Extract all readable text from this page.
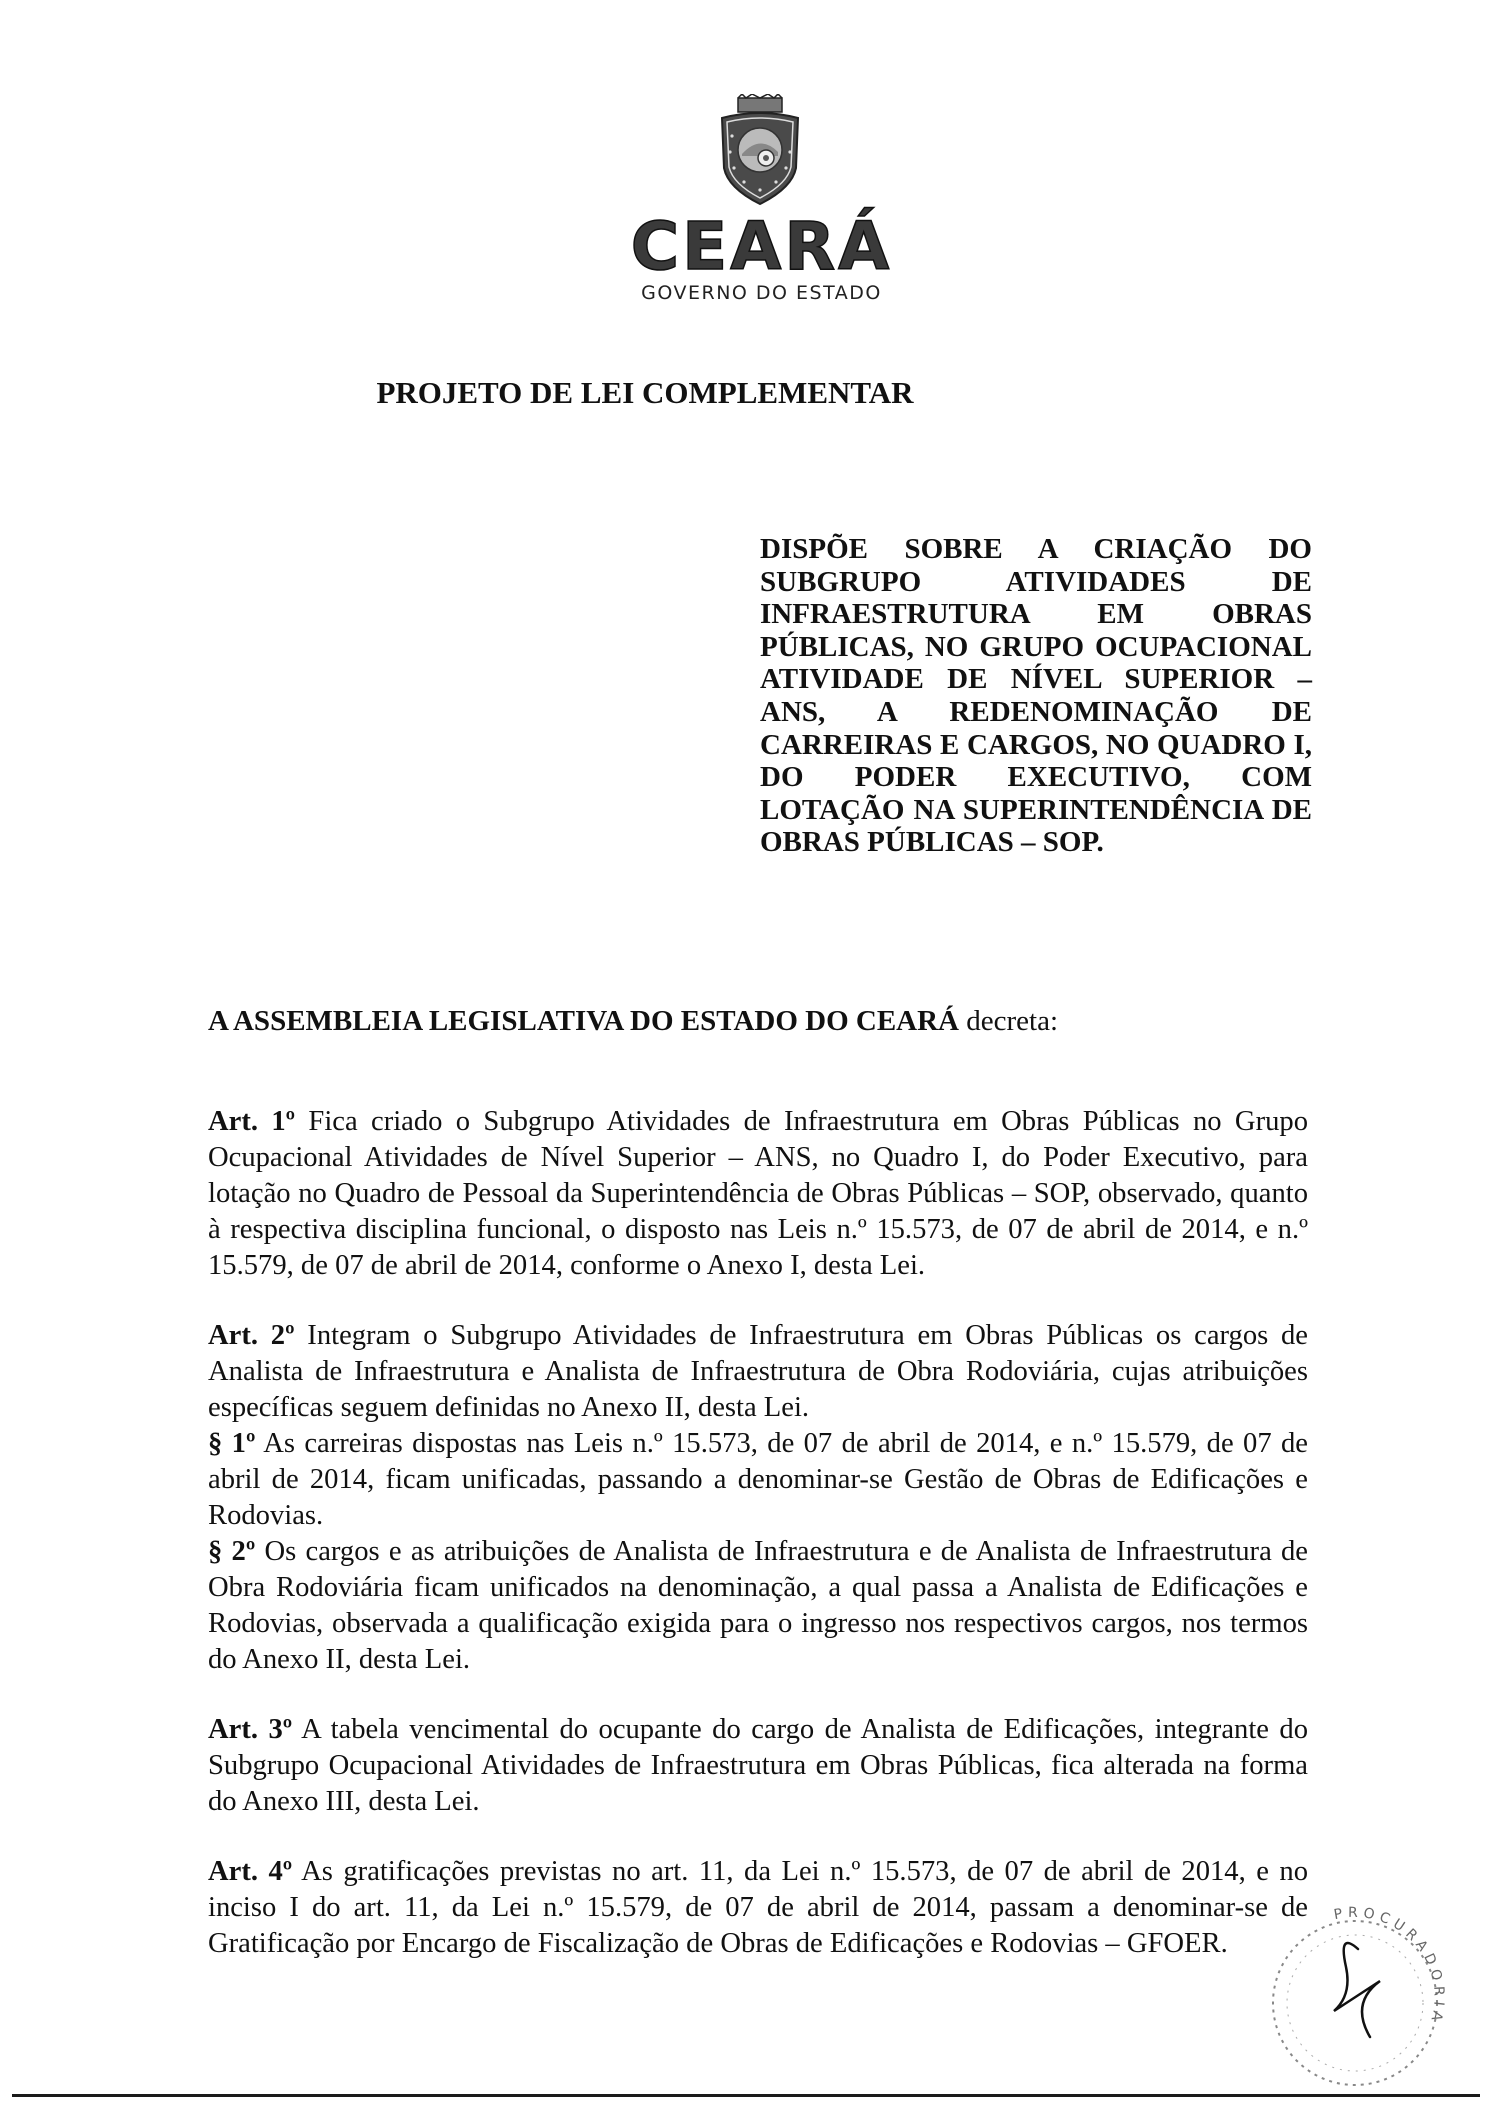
CEARÁ
GOVERNO DO ESTADO
PROJETO DE LEI COMPLEMENTAR
DISPÕE SOBRE A CRIAÇÃO DO SUBGRUPO ATIVIDADES DE INFRAESTRUTURA EM OBRAS PÚBLICAS, NO GRUPO OCUPACIONAL ATIVIDADE DE NÍVEL SUPERIOR – ANS, A REDENOMINAÇÃO DE CARREIRAS E CARGOS, NO QUADRO I, DO PODER EXECUTIVO, COM LOTAÇÃO NA SUPERINTENDÊNCIA DE OBRAS PÚBLICAS – SOP.
A ASSEMBLEIA LEGISLATIVA DO ESTADO DO CEARÁ decreta:

Art. 1º Fica criado o Subgrupo Atividades de Infraestrutura em Obras Públicas no Grupo Ocupacional Atividades de Nível Superior – ANS, no Quadro I, do Poder Executivo, para lotação no Quadro de Pessoal da Superintendência de Obras Públicas – SOP, observado, quanto à respectiva disciplina funcional, o disposto nas Leis n.º 15.573, de 07 de abril de 2014, e n.º 15.579, de 07 de abril de 2014, conforme o Anexo I, desta Lei.

Art. 2º Integram o Subgrupo Atividades de Infraestrutura em Obras Públicas os cargos de Analista de Infraestrutura e Analista de Infraestrutura de Obra Rodoviária, cujas atribuições específicas seguem definidas no Anexo II, desta Lei.

§ 1º As carreiras dispostas nas Leis n.º 15.573, de 07 de abril de 2014, e n.º 15.579, de 07 de abril de 2014, ficam unificadas, passando a denominar-se Gestão de Obras de Edificações e Rodovias.

§ 2º Os cargos e as atribuições de Analista de Infraestrutura e de Analista de Infraestrutura de Obra Rodoviária ficam unificados na denominação, a qual passa a Analista de Edificações e Rodovias, observada a qualificação exigida para o ingresso nos respectivos cargos, nos termos do Anexo II, desta Lei.

Art. 3º A tabela vencimental do ocupante do cargo de Analista de Edificações, integrante do Subgrupo Ocupacional Atividades de Infraestrutura em Obras Públicas, fica alterada na forma do Anexo III, desta Lei.

Art. 4º As gratificações previstas no art. 11, da Lei n.º 15.573, de 07 de abril de 2014, e no inciso I do art. 11, da Lei n.º 15.579, de 07 de abril de 2014, passam a denominar-se de Gratificação por Encargo de Fiscalização de Obras de Edificações e Rodovias – GFOER.

PROCURADORIA
